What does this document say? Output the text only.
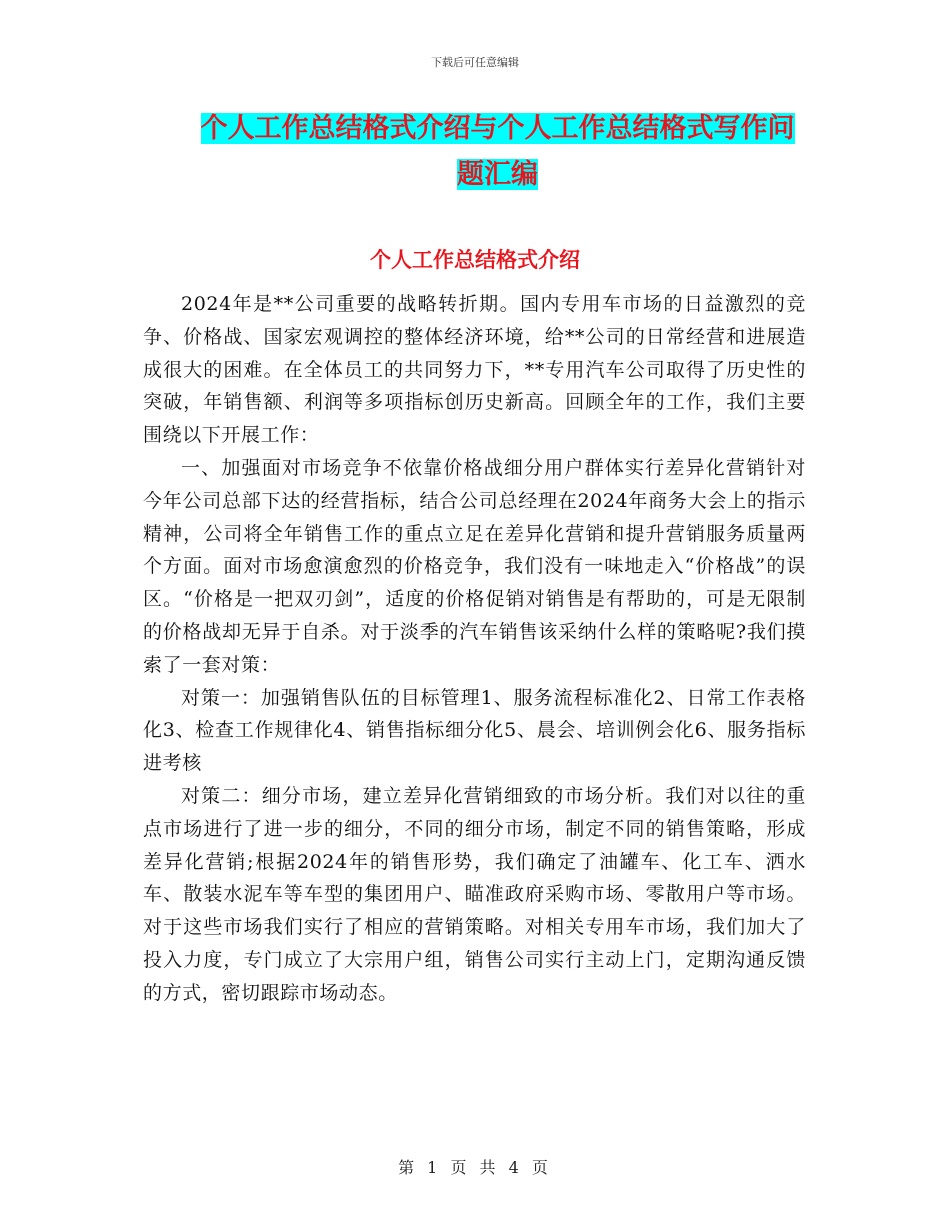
下载后可任意编辑
个人工作总结格式介绍与个人工作总结格式写作问题汇编
个人工作总结格式介绍

2024年是**公司重要的战略转折期。国内专用车市场的日益激烈的竞争、价格战、国家宏观调控的整体经济环境，给**公司的日常经营和进展造成很大的困难。在全体员工的共同努力下，**专用汽车公司取得了历史性的突破，年销售额、利润等多项指标创历史新高。回顾全年的工作，我们主要围绕以下开展工作：

一、加强面对市场竞争不依靠价格战细分用户群体实行差异化营销针对今年公司总部下达的经营指标，结合公司总经理在2024年商务大会上的指示精神，公司将全年销售工作的重点立足在差异化营销和提升营销服务质量两个方面。面对市场愈演愈烈的价格竞争，我们没有一味地走入“价格战”的误区。“价格是一把双刃剑”，适度的价格促销对销售是有帮助的，可是无限制的价格战却无异于自杀。对于淡季的汽车销售该采纳什么样的策略呢?我们摸索了一套对策：

对策一：加强销售队伍的目标管理1、服务流程标准化2、日常工作表格化3、检查工作规律化4、销售指标细分化5、晨会、培训例会化6、服务指标进考核

对策二：细分市场，建立差异化营销细致的市场分析。我们对以往的重点市场进行了进一步的细分，不同的细分市场，制定不同的销售策略，形成差异化营销;根据2024年的销售形势，我们确定了油罐车、化工车、洒水车、散装水泥车等车型的集团用户、瞄准政府采购市场、零散用户等市场。对于这些市场我们实行了相应的营销策略。对相关专用车市场，我们加大了投入力度，专门成立了大宗用户组，销售公司实行主动上门，定期沟通反馈的方式，密切跟踪市场动态。

第 1 页 共 4 页
